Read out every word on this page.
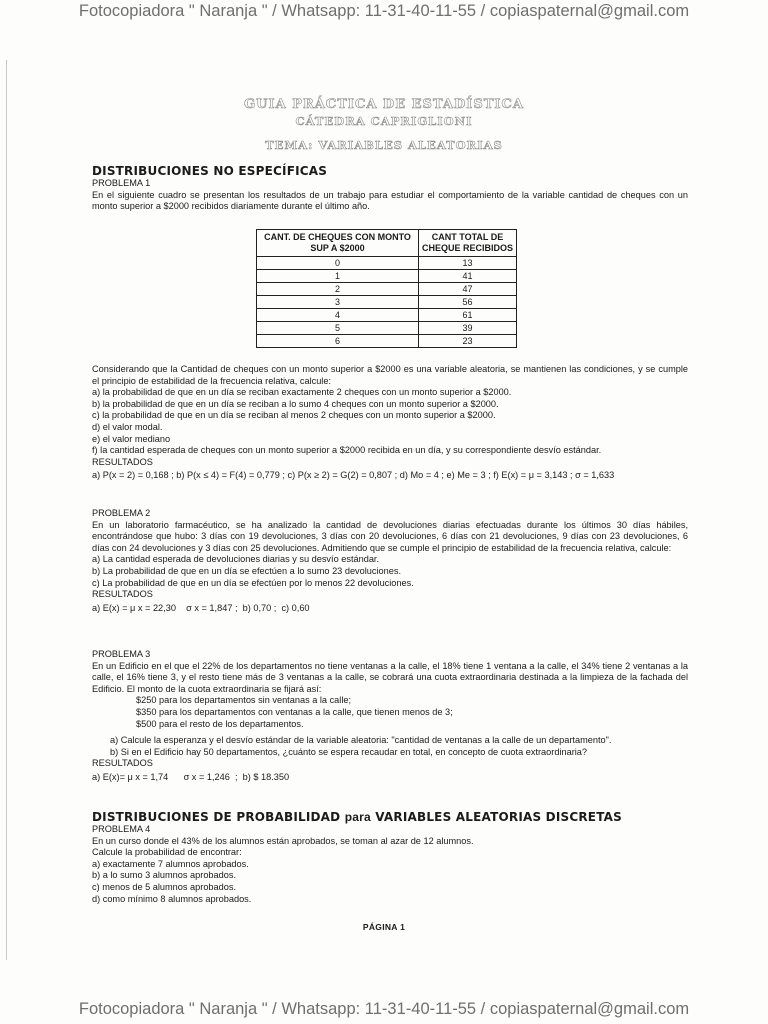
Fotocopiadora " Naranja " / Whatsapp: 11-31-40-11-55 / copiaspaternal@gmail.com
GUIA PRÁCTICA DE ESTADÍSTICA
CÁTEDRA CAPRIGLIONI
TEMA: VARIABLES ALEATORIAS
DISTRIBUCIONES NO ESPECÍFICAS

PROBLEMA 1

En el siguiente cuadro se presentan los resultados de un trabajo para estudiar el comportamiento de la variable cantidad de cheques con un monto superior a $2000 recibidos diariamente durante el último año.

CANT. DE CHEQUES CON MONTO SUP A $2000	CANT TOTAL DE CHEQUE RECIBIDOS
0	13
1	41
2	47
3	56
4	61
5	39
6	23

Considerando que la Cantidad de cheques con un monto superior a $2000 es una variable aleatoria, se mantienen las condiciones, y se cumple el principio de estabilidad de la frecuencia relativa, calcule:

a) la probabilidad de que en un día se reciban exactamente 2 cheques con un monto superior a $2000.

b) la probabilidad de que en un día se reciban a lo sumo 4 cheques con un monto superior a $2000.

c) la probabilidad de que en un día se reciban al menos 2 cheques con un monto superior a $2000.

d) el valor modal.

e) el valor mediano

f) la cantidad esperada de cheques con un monto superior a $2000 recibida en un día, y su correspondiente desvío estándar.

RESULTADOS

a) P(x = 2) = 0,168 ; b) P(x ≤ 4) = F(4) = 0,779 ; c) P(x ≥ 2) = G(2) = 0,807 ; d) Mo = 4 ; e) Me = 3 ; f) E(x) = μ = 3,143 ; σ = 1,633

PROBLEMA 2

En un laboratorio farmacéutico, se ha analizado la cantidad de devoluciones diarias efectuadas durante los últimos 30 días hábiles, encontrándose que hubo: 3 días con 19 devoluciones, 3 días con 20 devoluciones, 6 días con 21 devoluciones, 9 días con 23 devoluciones, 6 días con 24 devoluciones y 3 días con 25 devoluciones. Admitiendo que se cumple el principio de estabilidad de la frecuencia relativa, calcule:

a) La cantidad esperada de devoluciones diarias y su desvío estándar.

b) La probabilidad de que en un día se efectúen a lo sumo 23 devoluciones.

c) La probabilidad de que en un día se efectúen por lo menos 22 devoluciones.

RESULTADOS

a) E(x) = μ x = 22,30    σ x = 1,847 ;  b) 0,70 ;  c) 0,60

PROBLEMA 3

En un Edificio en el que el 22% de los departamentos no tiene ventanas a la calle, el 18% tiene 1 ventana a la calle, el 34% tiene 2 ventanas a la calle, el 16% tiene 3, y el resto tiene más de 3 ventanas a la calle, se cobrará una cuota extraordinaria destinada a la limpieza de la fachada del Edificio. El monto de la cuota extraordinaria se fijará así:

$250 para los departamentos sin ventanas a la calle;

$350 para los departamentos con ventanas a la calle, que tienen menos de 3;

$500 para el resto de los departamentos.

a) Calcule la esperanza y el desvío estándar de la variable aleatoria: "cantidad de ventanas a la calle de un departamento".

b) Si en el Edificio hay 50 departamentos, ¿cuánto se espera recaudar en total, en concepto de cuota extraordinaria?

RESULTADOS

a) E(x)= μ x = 1,74      σ x = 1,246  ;  b) $ 18.350

DISTRIBUCIONES DE PROBABILIDAD para VARIABLES ALEATORIAS DISCRETAS

PROBLEMA 4

En un curso donde el 43% de los alumnos están aprobados, se toman al azar de 12 alumnos.

Calcule la probabilidad de encontrar:

a) exactamente 7 alumnos aprobados.

b) a lo sumo 3 alumnos aprobados.

c) menos de 5 alumnos aprobados.

d) como mínimo 8 alumnos aprobados.

PÁGINA 1
Fotocopiadora " Naranja " / Whatsapp: 11-31-40-11-55 / copiaspaternal@gmail.com
